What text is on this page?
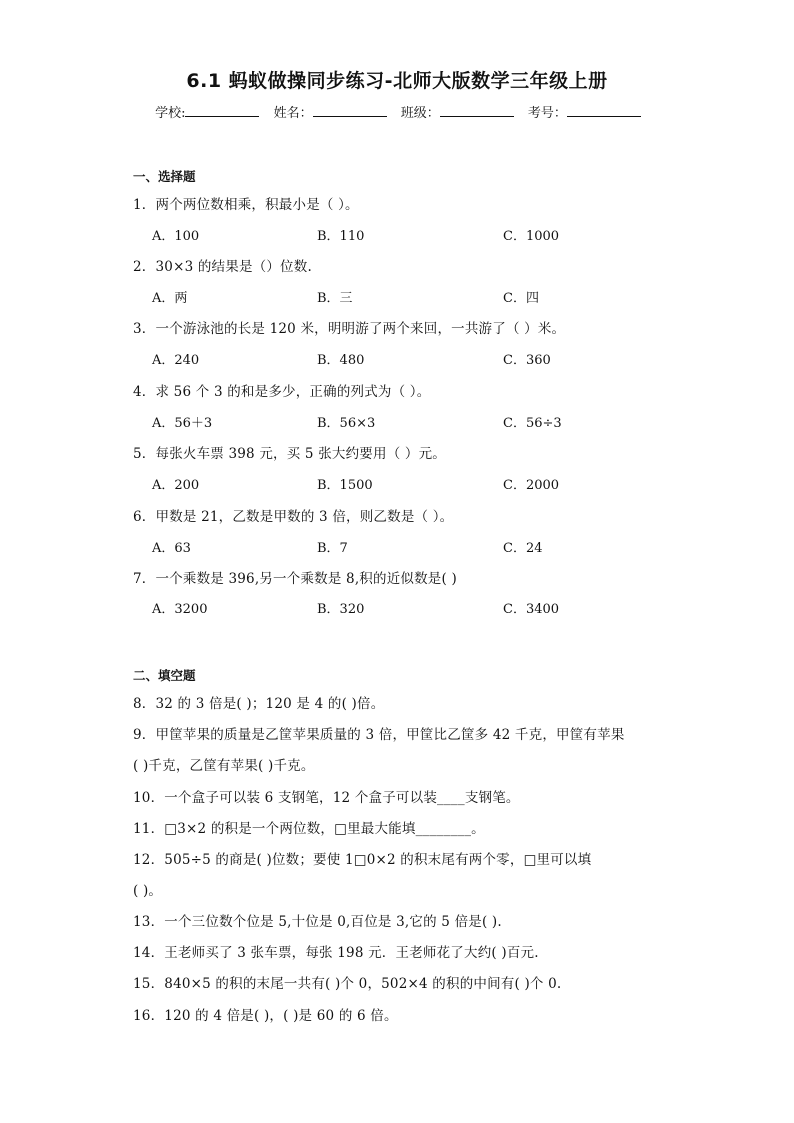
6.1 蚂蚁做操同步练习-北师大版数学三年级上册
学校:	姓名：	班级：	考号：
一、选择题
1．两个两位数相乘，积最小是（ ）。
A．100	B．110	C．1000
2．30×3 的结果是（）位数.
A．两	B．三	C．四
3．一个游泳池的长是 120 米，明明游了两个来回，一共游了（ ）米。
A．240	B．480	C．360
4．求 56 个 3 的和是多少，正确的列式为（ ）。
A．56＋3	B．56×3	C．56÷3
5．每张火车票 398 元，买 5 张大约要用（ ）元。
A．200	B．1500	C．2000
6．甲数是 21，乙数是甲数的 3 倍，则乙数是（ ）。
A．63	B．7	C．24
7．一个乘数是 396,另一个乘数是 8,积的近似数是( )
A．3200	B．320	C．3400
二、填空题
8．32 的 3 倍是( )；120 是 4 的( )倍。
9．甲筐苹果的质量是乙筐苹果质量的 3 倍，甲筐比乙筐多 42 千克，甲筐有苹果
( )千克，乙筐有苹果( )千克。
10．一个盒子可以装 6 支钢笔，12 个盒子可以装____支钢笔。
11．□3×2 的积是一个两位数，□里最大能填________。
12．505÷5 的商是( )位数；要使 1□0×2 的积末尾有两个零，□里可以填
( )。
13．一个三位数个位是 5,十位是 0,百位是 3,它的 5 倍是( ).
14．王老师买了 3 张车票，每张 198 元．王老师花了大约( )百元.
15．840×5 的积的末尾一共有( )个 0，502×4 的积的中间有( )个 0.
16．120 的 4 倍是( )，( )是 60 的 6 倍。
